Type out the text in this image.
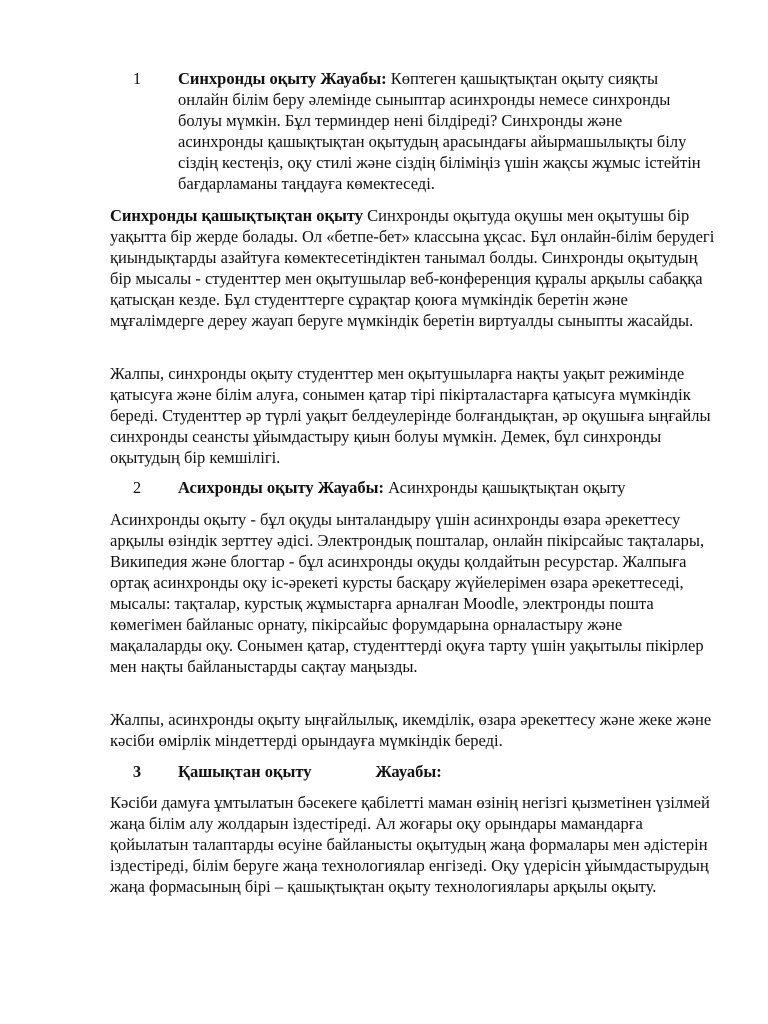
1	Синхронды оқыту Жауабы: Көптеген қашықтықтан оқыту сияқты онлайн білім беру әлемінде сыныптар асинхронды немесе синхронды болуы мүмкін. Бұл терминдер нені білдіреді? Синхронды және асинхронды қашықтықтан оқытудың арасындағы айырмашылықты білу сіздің кестеңіз, оқу стилі және сіздің біліміңіз үшін жақсы жұмыс істейтін бағдарламаны таңдауға көмектеседі.

Синхронды қашықтықтан оқыту Синхронды оқытуда оқушы мен оқытушы бір уақытта бір жерде болады. Ол «бетпе-бет» классына ұқсас. Бұл онлайн-білім берудегі қиындықтарды азайтуға көмектесетіндіктен танымал болды. Синхронды оқытудың бір мысалы - студенттер мен оқытушылар веб-конференция құралы арқылы сабаққа қатысқан кезде. Бұл студенттерге сұрақтар қоюға мүмкіндік беретін және мұғалімдерге дереу жауап беруге мүмкіндік беретін виртуалды сыныпты жасайды.

Жалпы, синхронды оқыту студенттер мен оқытушыларға нақты уақыт режимінде қатысуға және білім алуға, сонымен қатар тірі пікірталастарға қатысуға мүмкіндік береді. Студенттер әр түрлі уақыт белдеулерінде болғандықтан, әр оқушыға ыңғайлы синхронды сеансты ұйымдастыру қиын болуы мүмкін. Демек, бұл синхронды оқытудың бір кемшілігі.

2	Асихронды оқыту Жауабы: Асинхронды қашықтықтан оқыту

Асинхронды оқыту - бұл оқуды ынталандыру үшін асинхронды өзара әрекеттесу арқылы өзіндік зерттеу әдісі. Электрондық пошталар, онлайн пікірсайыс тақталары, Википедия және блогтар - бұл асинхронды оқуды қолдайтын ресурстар. Жалпыға ортақ асинхронды оқу іс-әрекеті курсты басқару жүйелерімен өзара әрекеттеседі, мысалы: тақталар, курстық жұмыстарға арналған Moodle, электронды пошта көмегімен байланыс орнату, пікірсайыс форумдарына орналастыру және мақалаларды оқу. Сонымен қатар, студенттерді оқуға тарту үшін уақытылы пікірлер мен нақты байланыстарды сақтау маңызды.

Жалпы, асинхронды оқыту ыңғайлылық, икемділік, өзара әрекеттесу және жеке және кәсіби өмірлік міндеттерді орындауға мүмкіндік береді.

3	Қашықтан оқыту	Жауабы:

Кәсіби дамуға ұмтылатын бәсекеге қабілетті маман өзінің негізгі қызметінен үзілмей жаңа білім алу жолдарын іздестіреді. Ал жоғары оқу орындары мамандарға қойылатын талаптарды өсуіне байланысты оқытудың жаңа формалары мен әдістерін іздестіреді, білім беруге жаңа технологиялар енгізеді. Оқу үдерісін ұйымдастырудың жаңа формасының бірі – қашықтықтан оқыту технологиялары арқылы оқыту.
